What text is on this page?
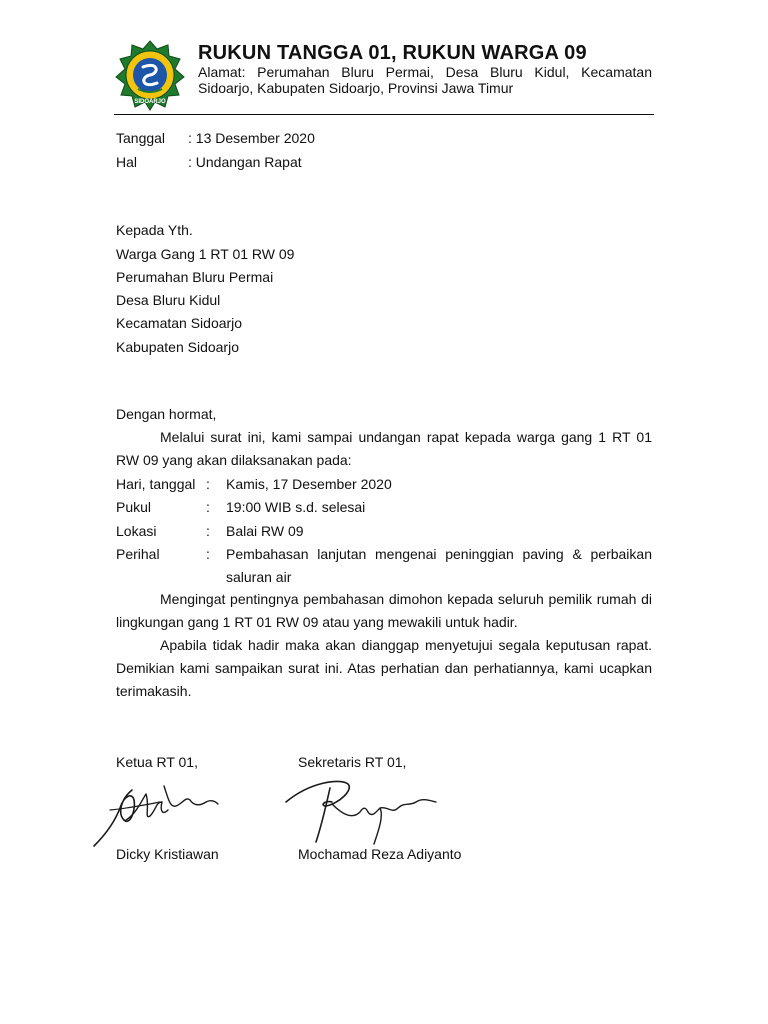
SIDOARJO
RUKUN TANGGA 01, RUKUN WARGA 09
Alamat: Perumahan Bluru Permai, Desa Bluru Kidul, Kecamatan
Sidoarjo, Kabupaten Sidoarjo, Provinsi Jawa Timur
Tanggal : 13 Desember 2020
Hal	: Undangan Rapat
Kepada Yth.
Warga Gang 1 RT 01 RW 09
Perumahan Bluru Permai
Desa Bluru Kidul
Kecamatan Sidoarjo
Kabupaten Sidoarjo
Dengan hormat,
Melalui surat ini, kami sampai undangan rapat kepada warga gang 1 RT 01 RW 09 yang akan dilaksanakan pada:
Hari, tanggal : Kamis, 17 Desember 2020
Pukul	: 19:00 WIB s.d. selesai
Lokasi	: Balai RW 09
Perihal	: Pembahasan lanjutan mengenai peninggian paving & perbaikan
saluran air
Mengingat pentingnya pembahasan dimohon kepada seluruh pemilik rumah di lingkungan gang 1 RT 01 RW 09 atau yang mewakili untuk hadir.
Apabila tidak hadir maka akan dianggap menyetujui segala keputusan rapat. Demikian kami sampaikan surat ini. Atas perhatian dan perhatiannya, kami ucapkan terimakasih.
Ketua RT 01,	Sekretaris RT 01,
Dicky Kristiawan	Mochamad Reza Adiyanto
